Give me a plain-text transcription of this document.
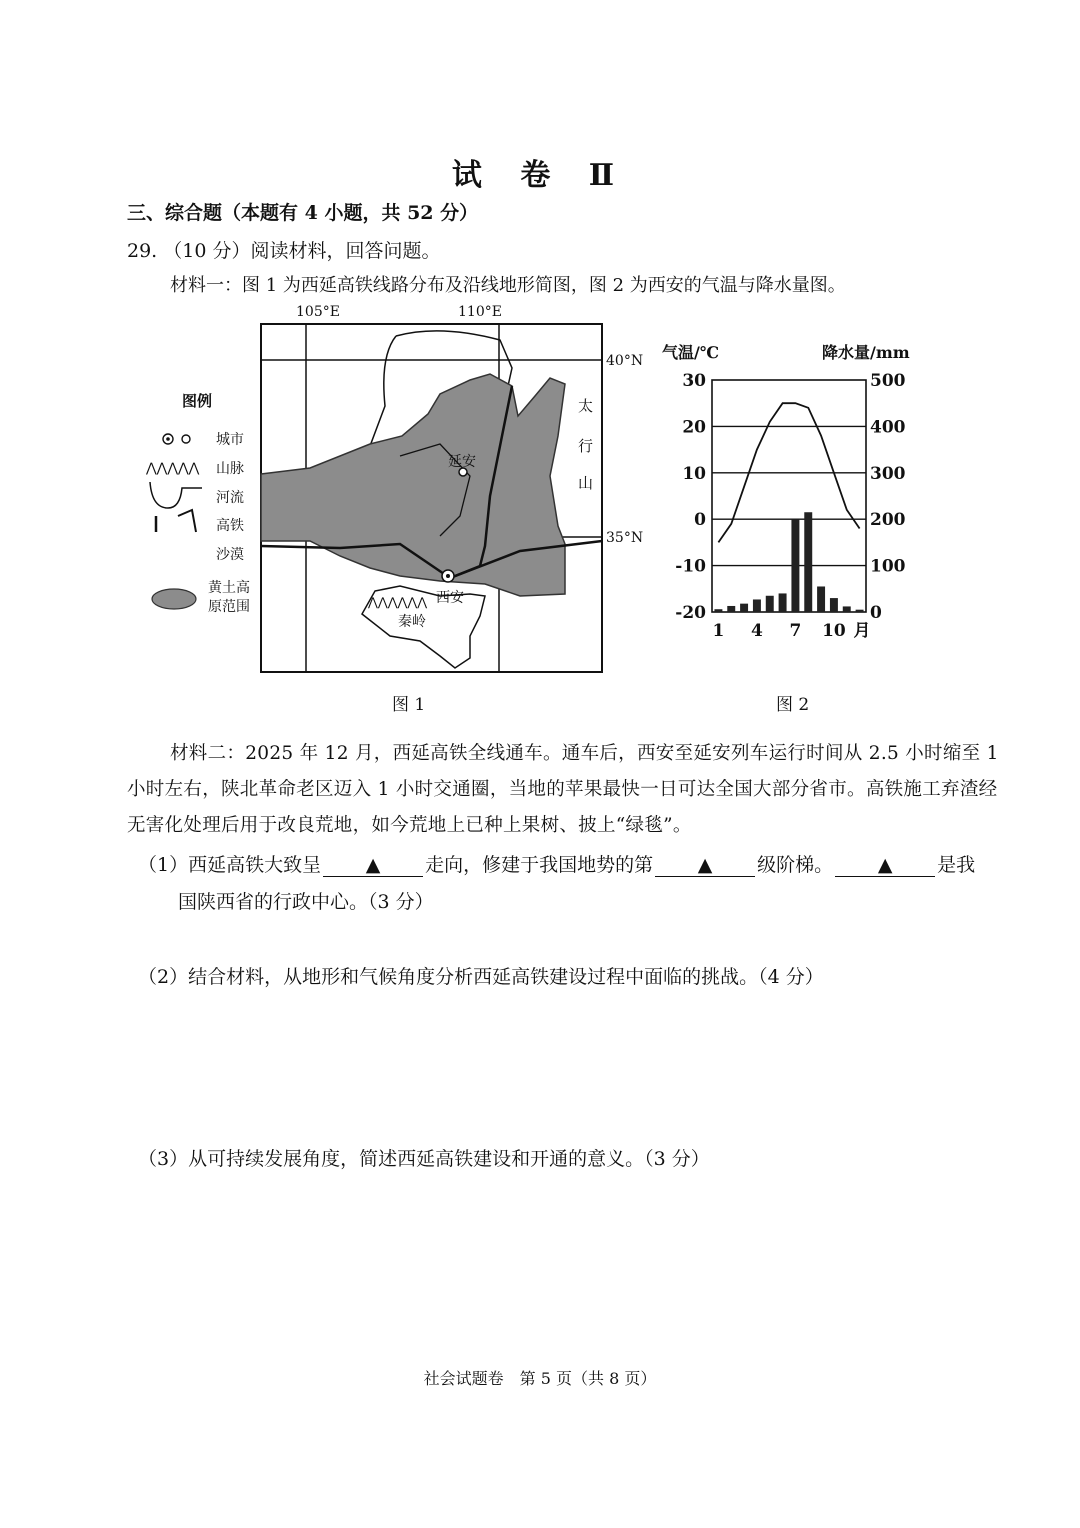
试 卷 Ⅱ
三、综合题（本题有 4 小题，共 52 分）
29. （10 分）阅读材料，回答问题。
材料一：图 1 为西延高铁线路分布及沿线地形简图，图 2 为西安的气温与降水量图。
105°E	110°E
40°N
35°N
秦岭
⋀⋀⋀⋀⋀⋀
太
行
山
延安
西安
图例
城市
⋀⋀⋀⋀⋀ 山脉
河流
高铁
沙漠
黄土高
原范围
图 1
气温/℃	降水量/mm
30
20
10
0
-10
-20
500
400
300
200
100
0
1 4 7 10 月
图 2
材料二：2025 年 12 月，西延高铁全线通车。通车后，西安至延安列车运行时间从 2.5 小时缩至 1 小时左右，陕北革命老区迈入 1 小时交通圈，当地的苹果最快一日可达全国大部分省市。高铁施工弃渣经无害化处理后用于改良荒地，如今荒地上已种上果树、披上“绿毯”。
（1）西延高铁大致呈 ▲ 走向，修建于我国地势的第 ▲ 级阶梯。 ▲ 是我
国陕西省的行政中心。（3 分）
（2）结合材料，从地形和气候角度分析西延高铁建设过程中面临的挑战。（4 分）
（3）从可持续发展角度，简述西延高铁建设和开通的意义。（3 分）
社会试题卷　第 5 页（共 8 页）
